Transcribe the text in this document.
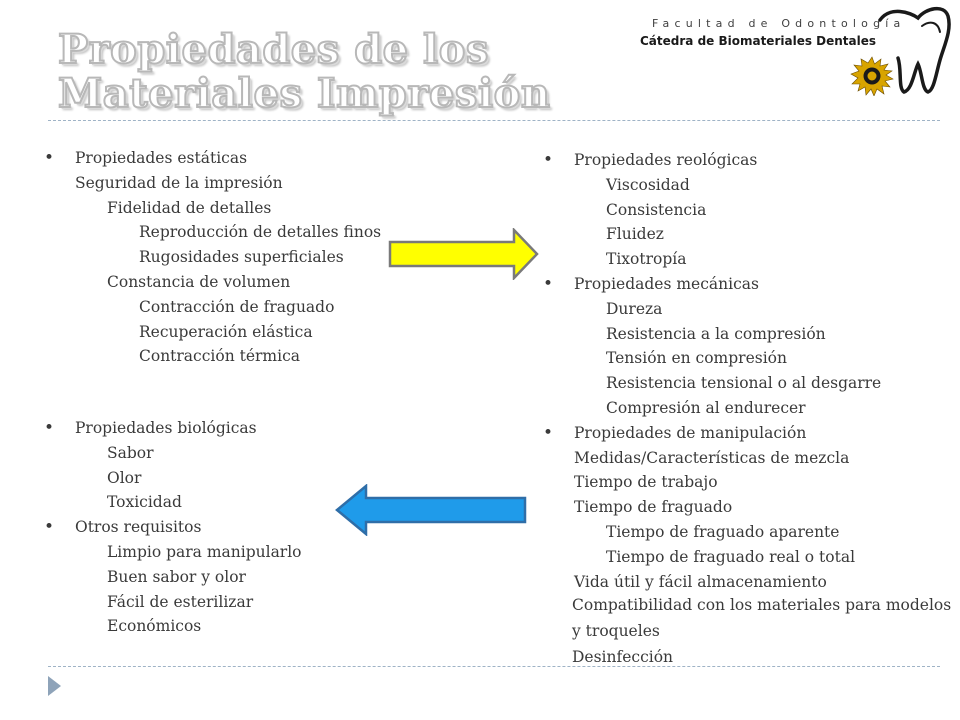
Propiedades de los
Materiales Impresión
Facultad de Odontología
Cátedra de Biomateriales Dentales
• Propiedades estáticas
Seguridad de la impresión
Fidelidad de detalles
Reproducción de detalles finos
Rugosidades superficiales
Constancia de volumen
Contracción de fraguado
Recuperación elástica
Contracción térmica
• Propiedades biológicas
Sabor
Olor
Toxicidad
• Otros requisitos
Limpio para manipularlo
Buen sabor y olor
Fácil de esterilizar
Económicos
• Propiedades reológicas
Viscosidad
Consistencia
Fluidez
Tixotropía
• Propiedades mecánicas
Dureza
Resistencia a la compresión
Tensión en compresión
Resistencia tensional o al desgarre
Compresión al endurecer
• Propiedades de manipulación
Medidas/Características de mezcla
Tiempo de trabajo
Tiempo de fraguado
Tiempo de fraguado aparente
Tiempo de fraguado real o total
Vida útil y fácil almacenamiento
Compatibilidad con los materiales para modelos
y troqueles
Desinfección
